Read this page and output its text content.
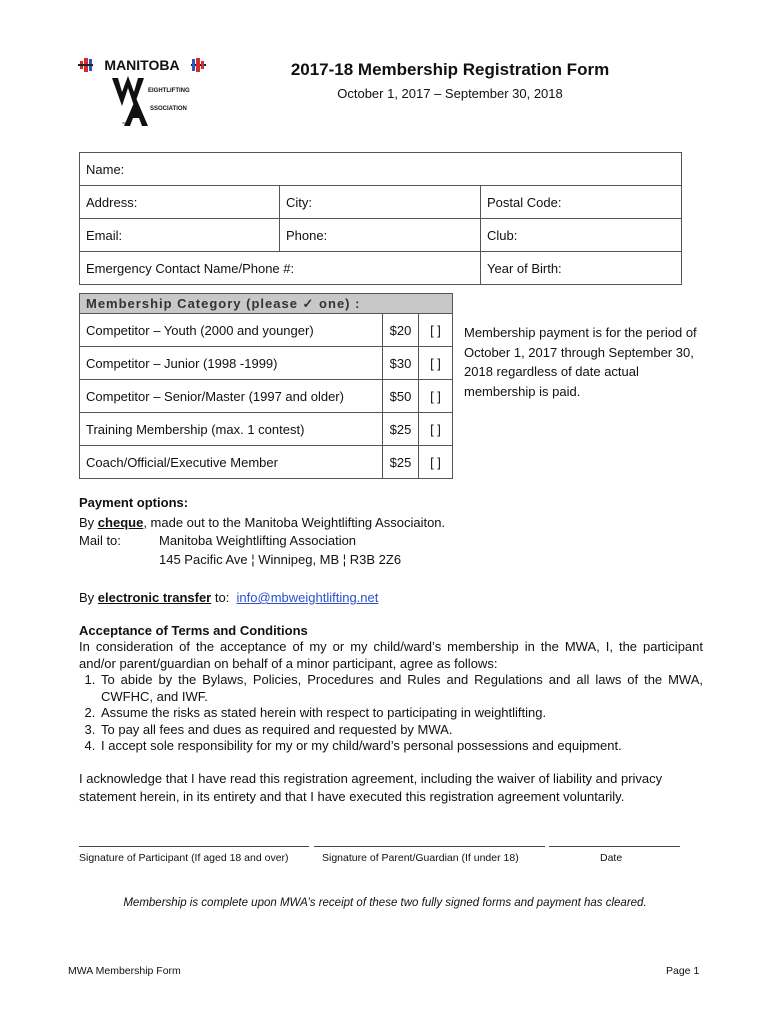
MANITOBA
EIGHTLIFTING
SSOCIATION
INC.
2017-18 Membership Registration Form
October 1, 2017 – September 30, 2018
Name:		
Address:	City:	Postal Code:
Email:	Phone:	Club:
Emergency Contact Name/Phone #:		Year of Birth:
Membership Category (please ✓ one) :		
Competitor – Youth (2000 and younger)	$20	[ ]
Competitor – Junior (1998 -1999)	$30	[ ]
Competitor – Senior/Master (1997 and older)	$50	[ ]
Training Membership (max. 1 contest)	$25	[ ]
Coach/Official/Executive Member	$25	[ ]
Membership payment is for the period of October 1, 2017 through September 30, 2018 regardless of date actual membership is paid.
Payment options:
By cheque, made out to the Manitoba Weightlifting Associaiton.
Mail to:	Manitoba Weightlifting Association
145 Pacific Ave ¦ Winnipeg, MB ¦ R3B 2Z6
By electronic transfer to:  info@mbweightlifting.net
Acceptance of Terms and Conditions
In consideration of the acceptance of my or my child/ward’s membership in the MWA, I, the participant and/or parent/guardian on behalf of a minor participant, agree as follows:
1. To abide by the Bylaws, Policies, Procedures and Rules and Regulations and all laws of the MWA, CWFHC, and IWF.
2. Assume the risks as stated herein with respect to participating in weightlifting.
3. To pay all fees and dues as required and requested by MWA.
4. I accept sole responsibility for my or my child/ward’s personal possessions and equipment.
I acknowledge that I have read this registration agreement, including the waiver of liability and privacy statement herein, in its entirety and that I have executed this registration agreement voluntarily.
Signature of Participant (If aged 18 and over)	Signature of Parent/Guardian (If under 18)	Date
Membership is complete upon MWA’s receipt of these two fully signed forms and payment has cleared.
MWA Membership Form	Page 1
